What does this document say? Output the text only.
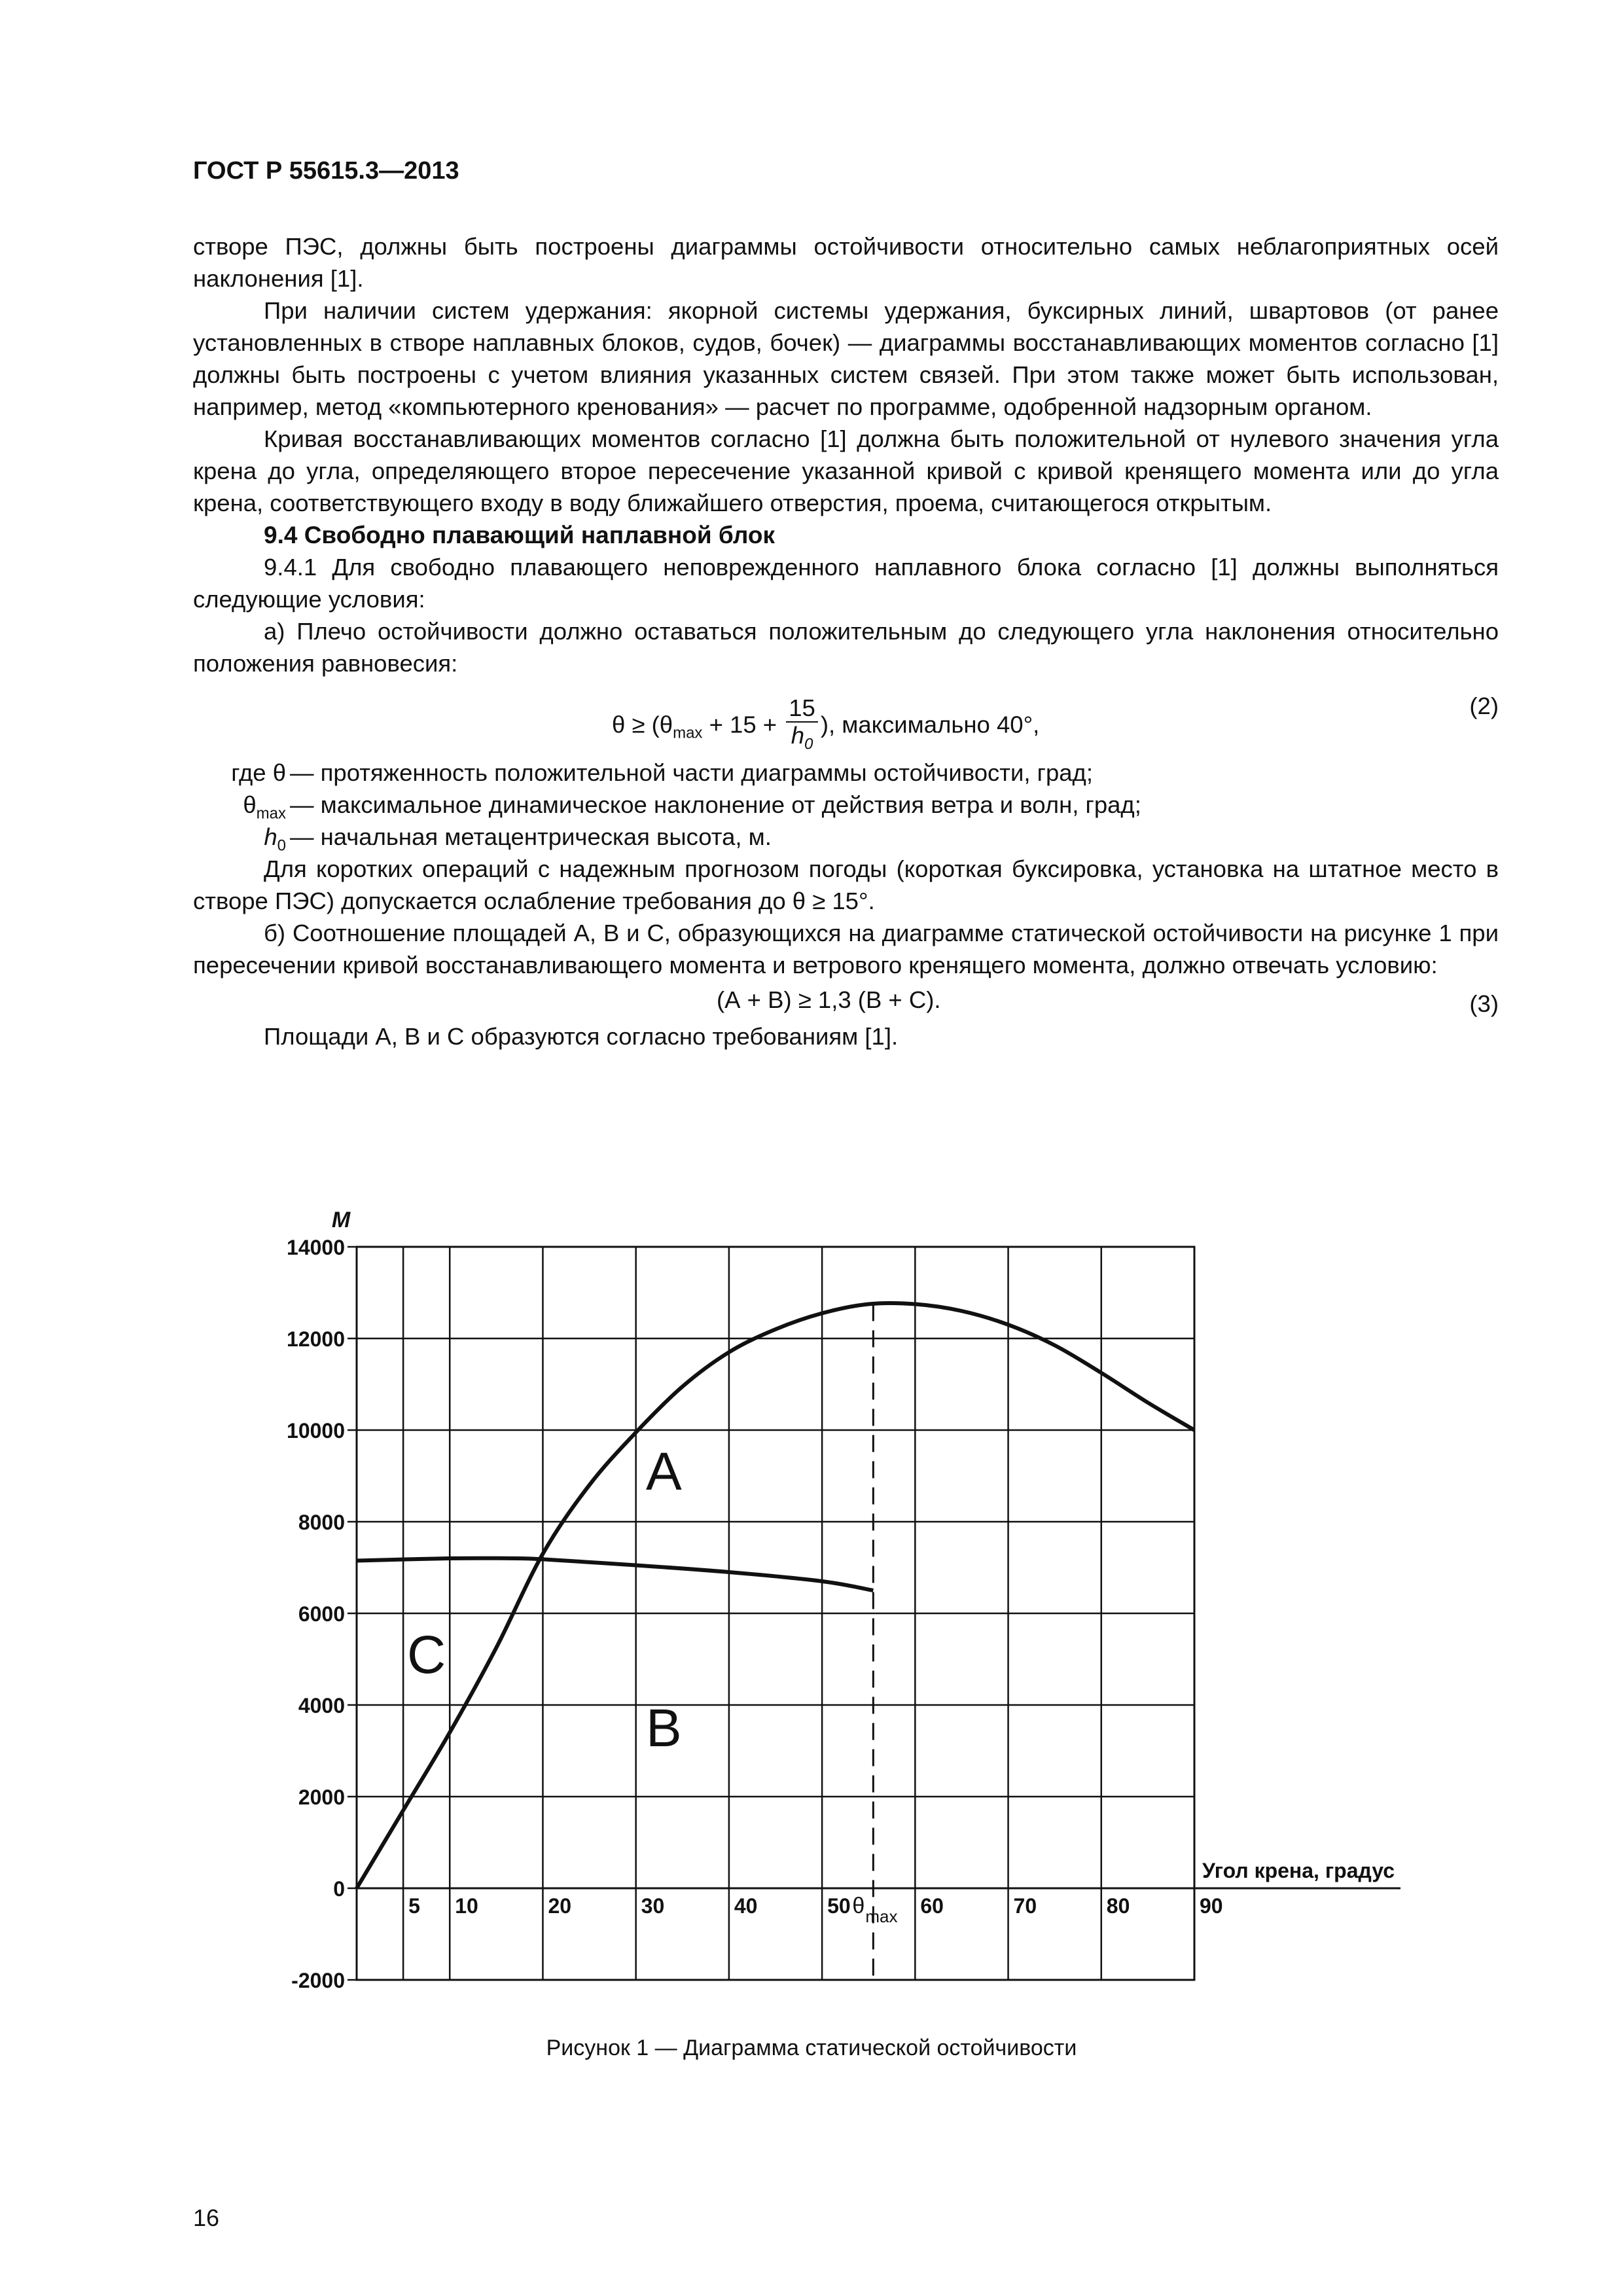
ГОСТ Р 55615.3—2013

створе ПЭС, должны быть построены диаграммы остойчивости относительно самых неблагоприятных осей наклонения [1].

При наличии систем удержания: якорной системы удержания, буксирных линий, швартовов (от ранее установленных в створе наплавных блоков, судов, бочек) — диаграммы восстанавливающих моментов согласно [1] должны быть построены с учетом влияния указанных систем связей. При этом также может быть использован, например, метод «компьютерного кренования» — расчет по программе, одобренной надзорным органом.

Кривая восстанавливающих моментов согласно [1] должна быть положительной от нулевого значения угла крена до угла, определяющего второе пересечение указанной кривой с кривой кренящего момента или до угла крена, соответствующего входу в воду ближайшего отверстия, проема, считающегося открытым.

9.4 Свободно плавающий наплавной блок

9.4.1 Для свободно плавающего неповрежденного наплавного блока согласно [1] должны выполняться следующие условия:

а) Плечо остойчивости должно оставаться положительным до следующего угла наклонения относительно положения равновесия:

$\theta \ge (\theta_{max} + 15 + \frac{15}{h_0}$ ), максимально 40°,
(2)
где θ — протяженность положительной части диаграммы остойчивости, град;
$\theta_{max}$ — максимальное динамическое наклонение от действия ветра и волн, град;
$h_0$ — начальная метацентрическая высота, м.

Для коротких операций с надежным прогнозом погоды (короткая буксировка, установка на штатное место в створе ПЭС) допускается ослабление требования до θ ≥ 15°.

б) Соотношение площадей А, В и С, образующихся на диаграмме статической остойчивости на рисунке 1 при пересечении кривой восстанавливающего момента и ветрового кренящего момента, должно отвечать условию:

(А + В) ≥ 1,3 (В + С).	(3)

Площади А, В и С образуются согласно требованиям [1].

-2000
0
2000
4000
6000
8000
10000
12000
14000
5 10	20	30	40	50	60	70	80	90
М
Угол крена, градус
θ max
А
В
С
Рисунок 1 — Диаграмма статической остойчивости
16
